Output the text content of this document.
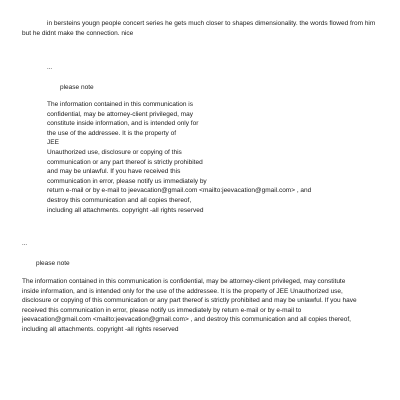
in bersteins yougn people concert series he gets much closer to shapes dimensionality. the words flowed from him but he didnt make the connection. nice
...
please note
The information contained in this communication is
confidential, may be attorney-client privileged, may
constitute inside information, and is intended only for
the use of the addressee. It is the property of
JEE
Unauthorized use, disclosure or copying of this
communication or any part thereof is strictly prohibited
and may be unlawful. If you have received this
communication in error, please notify us immediately by
return e-mail or by e-mail to jeevacation@gmail.com <mailto:jeevacation@gmail.com> , and
destroy this communication and all copies thereof,
including all attachments. copyright -all rights reserved
...
please note
The information contained in this communication is confidential, may be attorney-client privileged, may constitute
inside information, and is intended only for the use of the addressee. It is the property of JEE Unauthorized use,
disclosure or copying of this communication or any part thereof is strictly prohibited and may be unlawful. If you have
received this communication in error, please notify us immediately by return e-mail or by e-mail to
jeevacation@gmail.com <mailto:jeevacation@gmail.com> , and destroy this communication and all copies thereof,
including all attachments. copyright -all rights reserved
